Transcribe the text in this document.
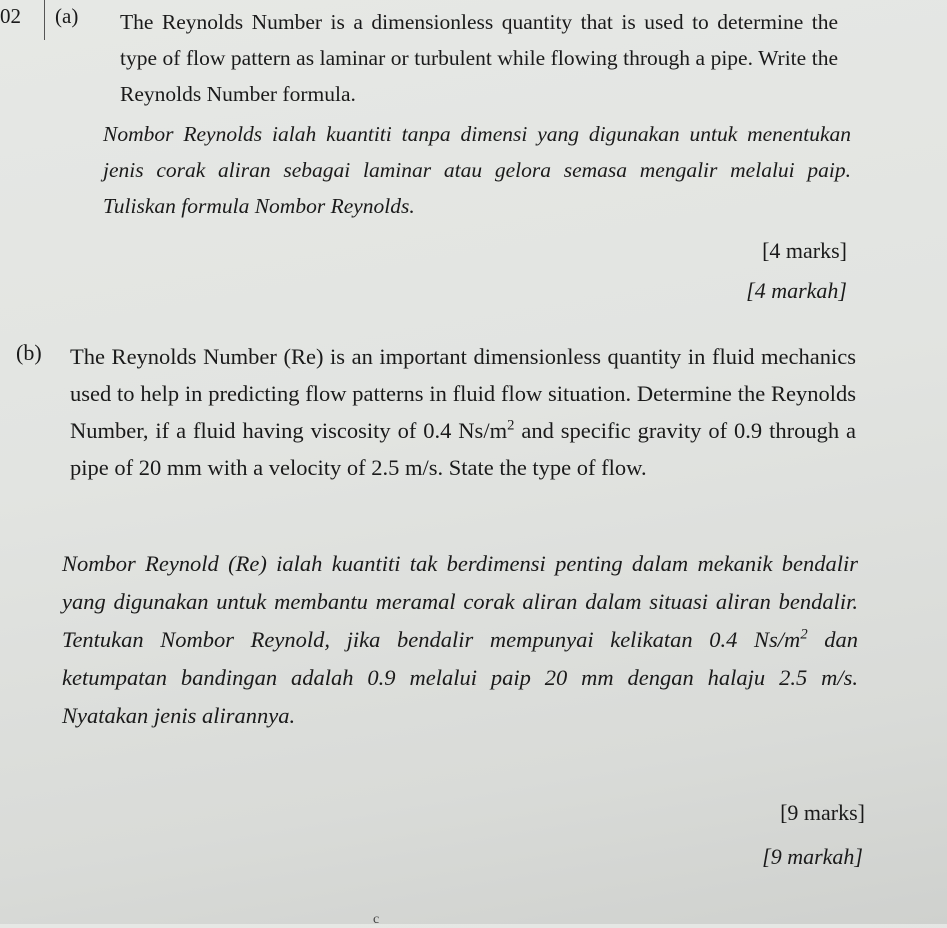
02 (a) The Reynolds Number is a dimensionless quantity that is used to determine the type of flow pattern as laminar or turbulent while flowing through a pipe. Write the Reynolds Number formula.
Nombor Reynolds ialah kuantiti tanpa dimensi yang digunakan untuk menentukan jenis corak aliran sebagai laminar atau gelora semasa mengalir melalui paip. Tuliskan formula Nombor Reynolds.
[4 marks]
[4 markah]
(b) The Reynolds Number (Re) is an important dimensionless quantity in fluid mechanics used to help in predicting flow patterns in fluid flow situation. Determine the Reynolds Number, if a fluid having viscosity of 0.4 $Ns/m^2$ and specific gravity of 0.9 through a pipe of 20 mm with a velocity of 2.5 m/s. State the type of flow.
Nombor Reynold (Re) ialah kuantiti tak berdimensi penting dalam mekanik bendalir yang digunakan untuk membantu meramal corak aliran dalam situasi aliran bendalir. Tentukan Nombor Reynold, jika bendalir mempunyai kelikatan 0.4 $Ns/m^2$ dan ketumpatan bandingan adalah 0.9 melalui paip 20 mm dengan halaju 2.5 m/s. Nyatakan jenis alirannya.
[9 marks]
[9 markah]
c
